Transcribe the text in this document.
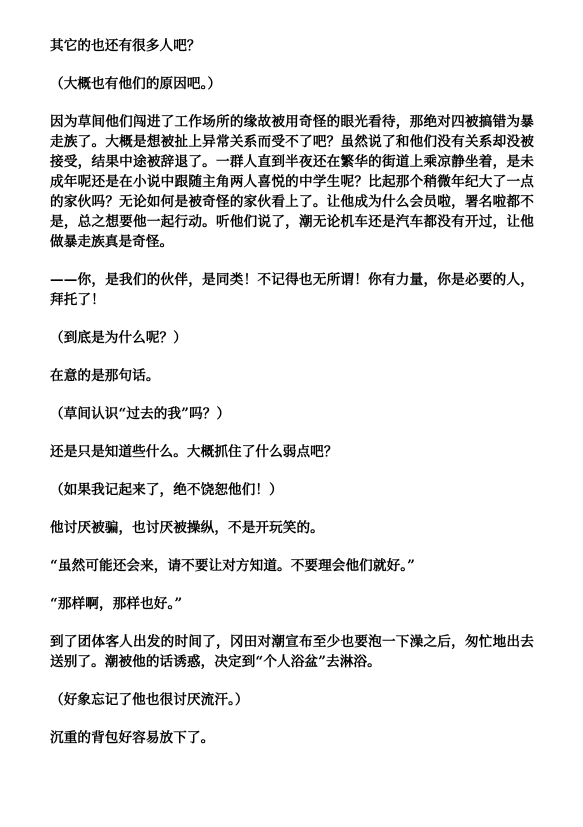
其它的也还有很多人吧？

（大概也有他们的原因吧。）

因为草间他们闯进了工作场所的缘故被用奇怪的眼光看待，那绝对四被搞错为暴走族了。大概是想被扯上异常关系而受不了吧？虽然说了和他们没有关系却没被接受，结果中途被辞退了。一群人直到半夜还在繁华的街道上乘凉静坐着，是未成年呢还是在小说中跟随主角两人喜悦的中学生呢？比起那个稍微年纪大了一点的家伙吗？无论如何是被奇怪的家伙看上了。让他成为什么会员啦，署名啦都不是，总之想要他一起行动。听他们说了，潮无论机车还是汽车都没有开过，让他做暴走族真是奇怪。

——你，是我们的伙伴，是同类！不记得也无所谓！你有力量，你是必要的人，拜托了！

（到底是为什么呢？）

在意的是那句话。

（草间认识“过去的我”吗？）

还是只是知道些什么。大概抓住了什么弱点吧？

（如果我记起来了，绝不饶恕他们！）

他讨厌被骗，也讨厌被操纵，不是开玩笑的。

“虽然可能还会来，请不要让对方知道。不要理会他们就好。”

“那样啊，那样也好。”

到了团体客人出发的时间了，冈田对潮宣布至少也要泡一下澡之后，匆忙地出去送别了。潮被他的话诱惑，决定到“个人浴盆”去淋浴。

（好象忘记了他也很讨厌流汗。）

沉重的背包好容易放下了。
